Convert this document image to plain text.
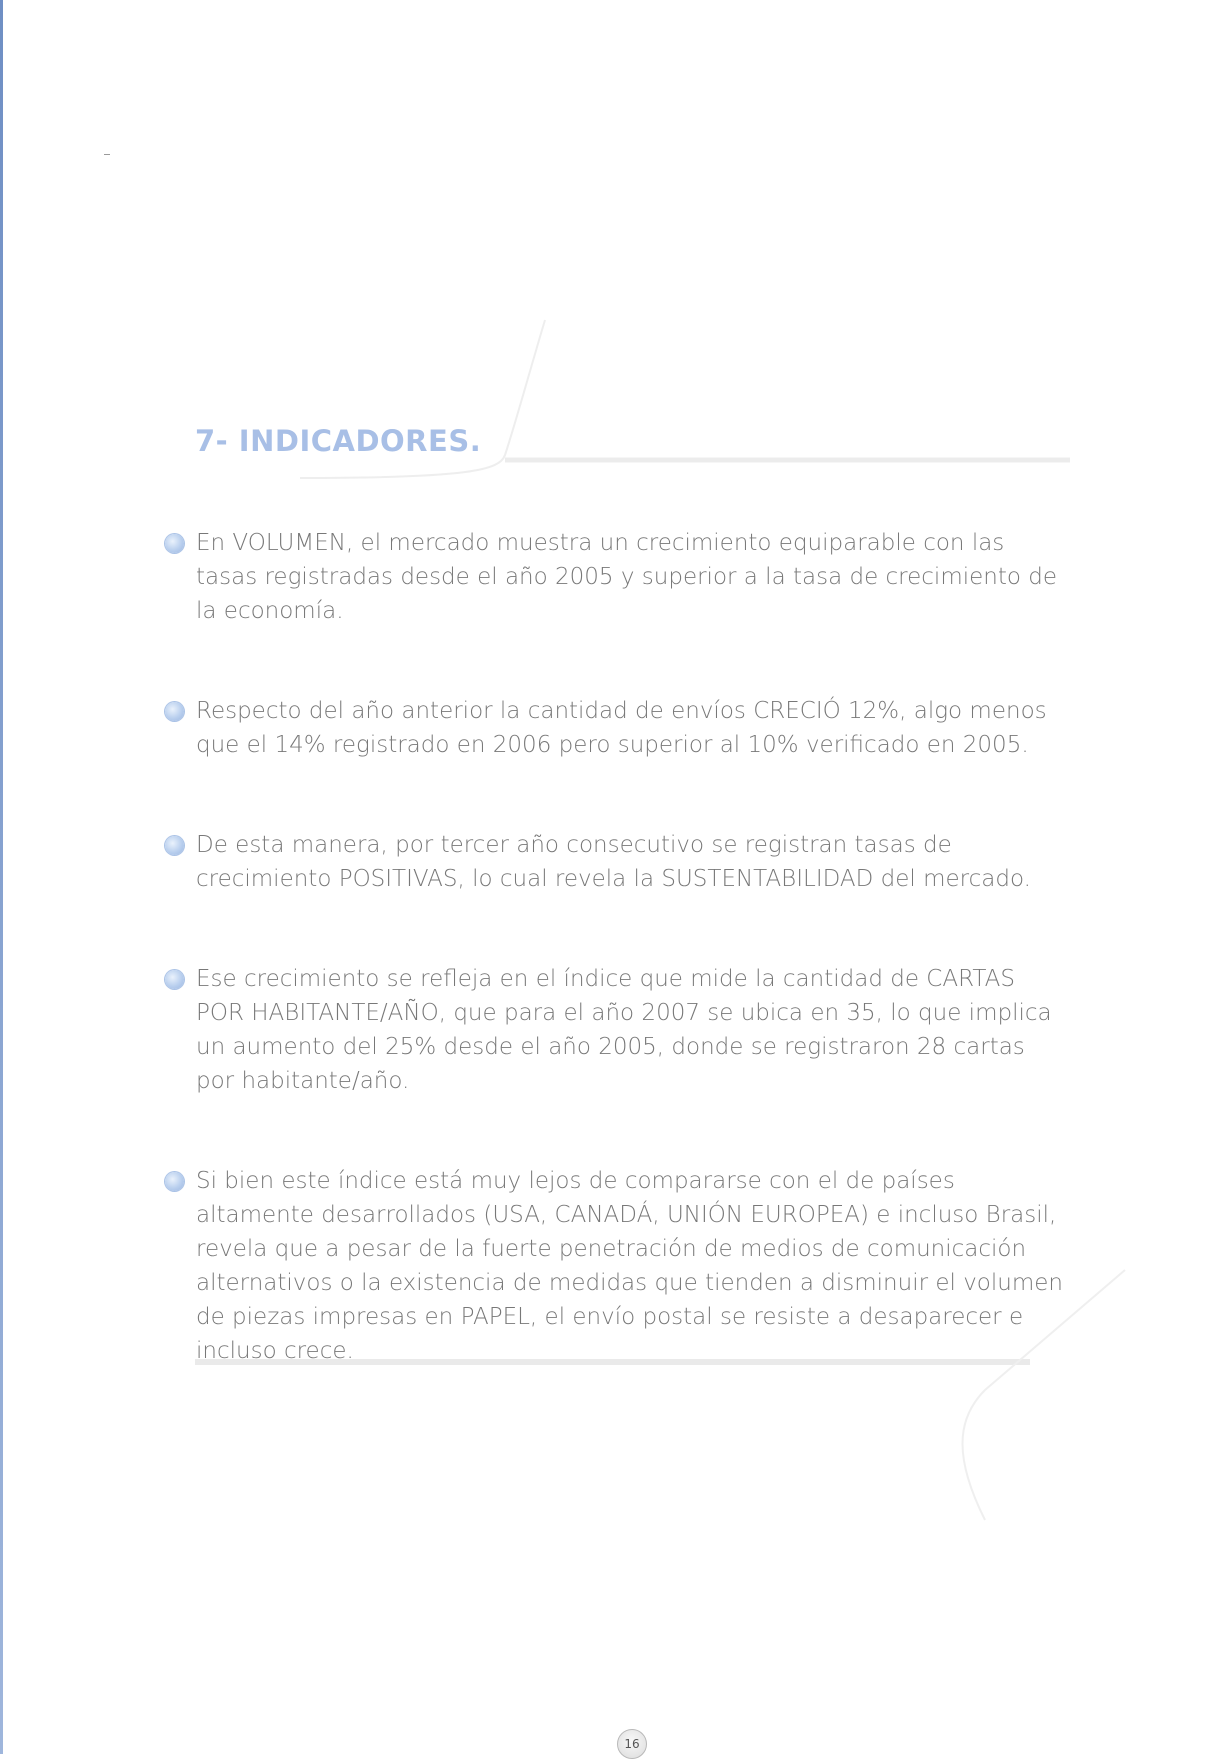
7- INDICADORES.
En VOLUMEN, el mercado muestra un crecimiento equiparable con las tasas registradas desde el año 2005 y superior a la tasa de crecimiento de la economía.
Respecto del año anterior la cantidad de envíos CRECIÓ 12%, algo menos que el 14% registrado en 2006 pero superior al 10% verificado en 2005.
De esta manera, por tercer año consecutivo se registran tasas de crecimiento POSITIVAS, lo cual revela la SUSTENTABILIDAD del mercado.
Ese crecimiento se refleja en el índice que mide la cantidad de CARTAS POR HABITANTE/AÑO, que para el año 2007 se ubica en 35, lo que implica un aumento del 25% desde el año 2005, donde se registraron 28 cartas por habitante/año.
Si bien este índice está muy lejos de compararse con el de países altamente desarrollados (USA, CANADÁ, UNIÓN EUROPEA) e incluso Brasil, revela que a pesar de la fuerte penetración de medios de comunicación alternativos o la existencia de medidas que tienden a disminuir el volumen de piezas impresas en PAPEL, el envío postal se resiste a desaparecer e incluso crece.
16
